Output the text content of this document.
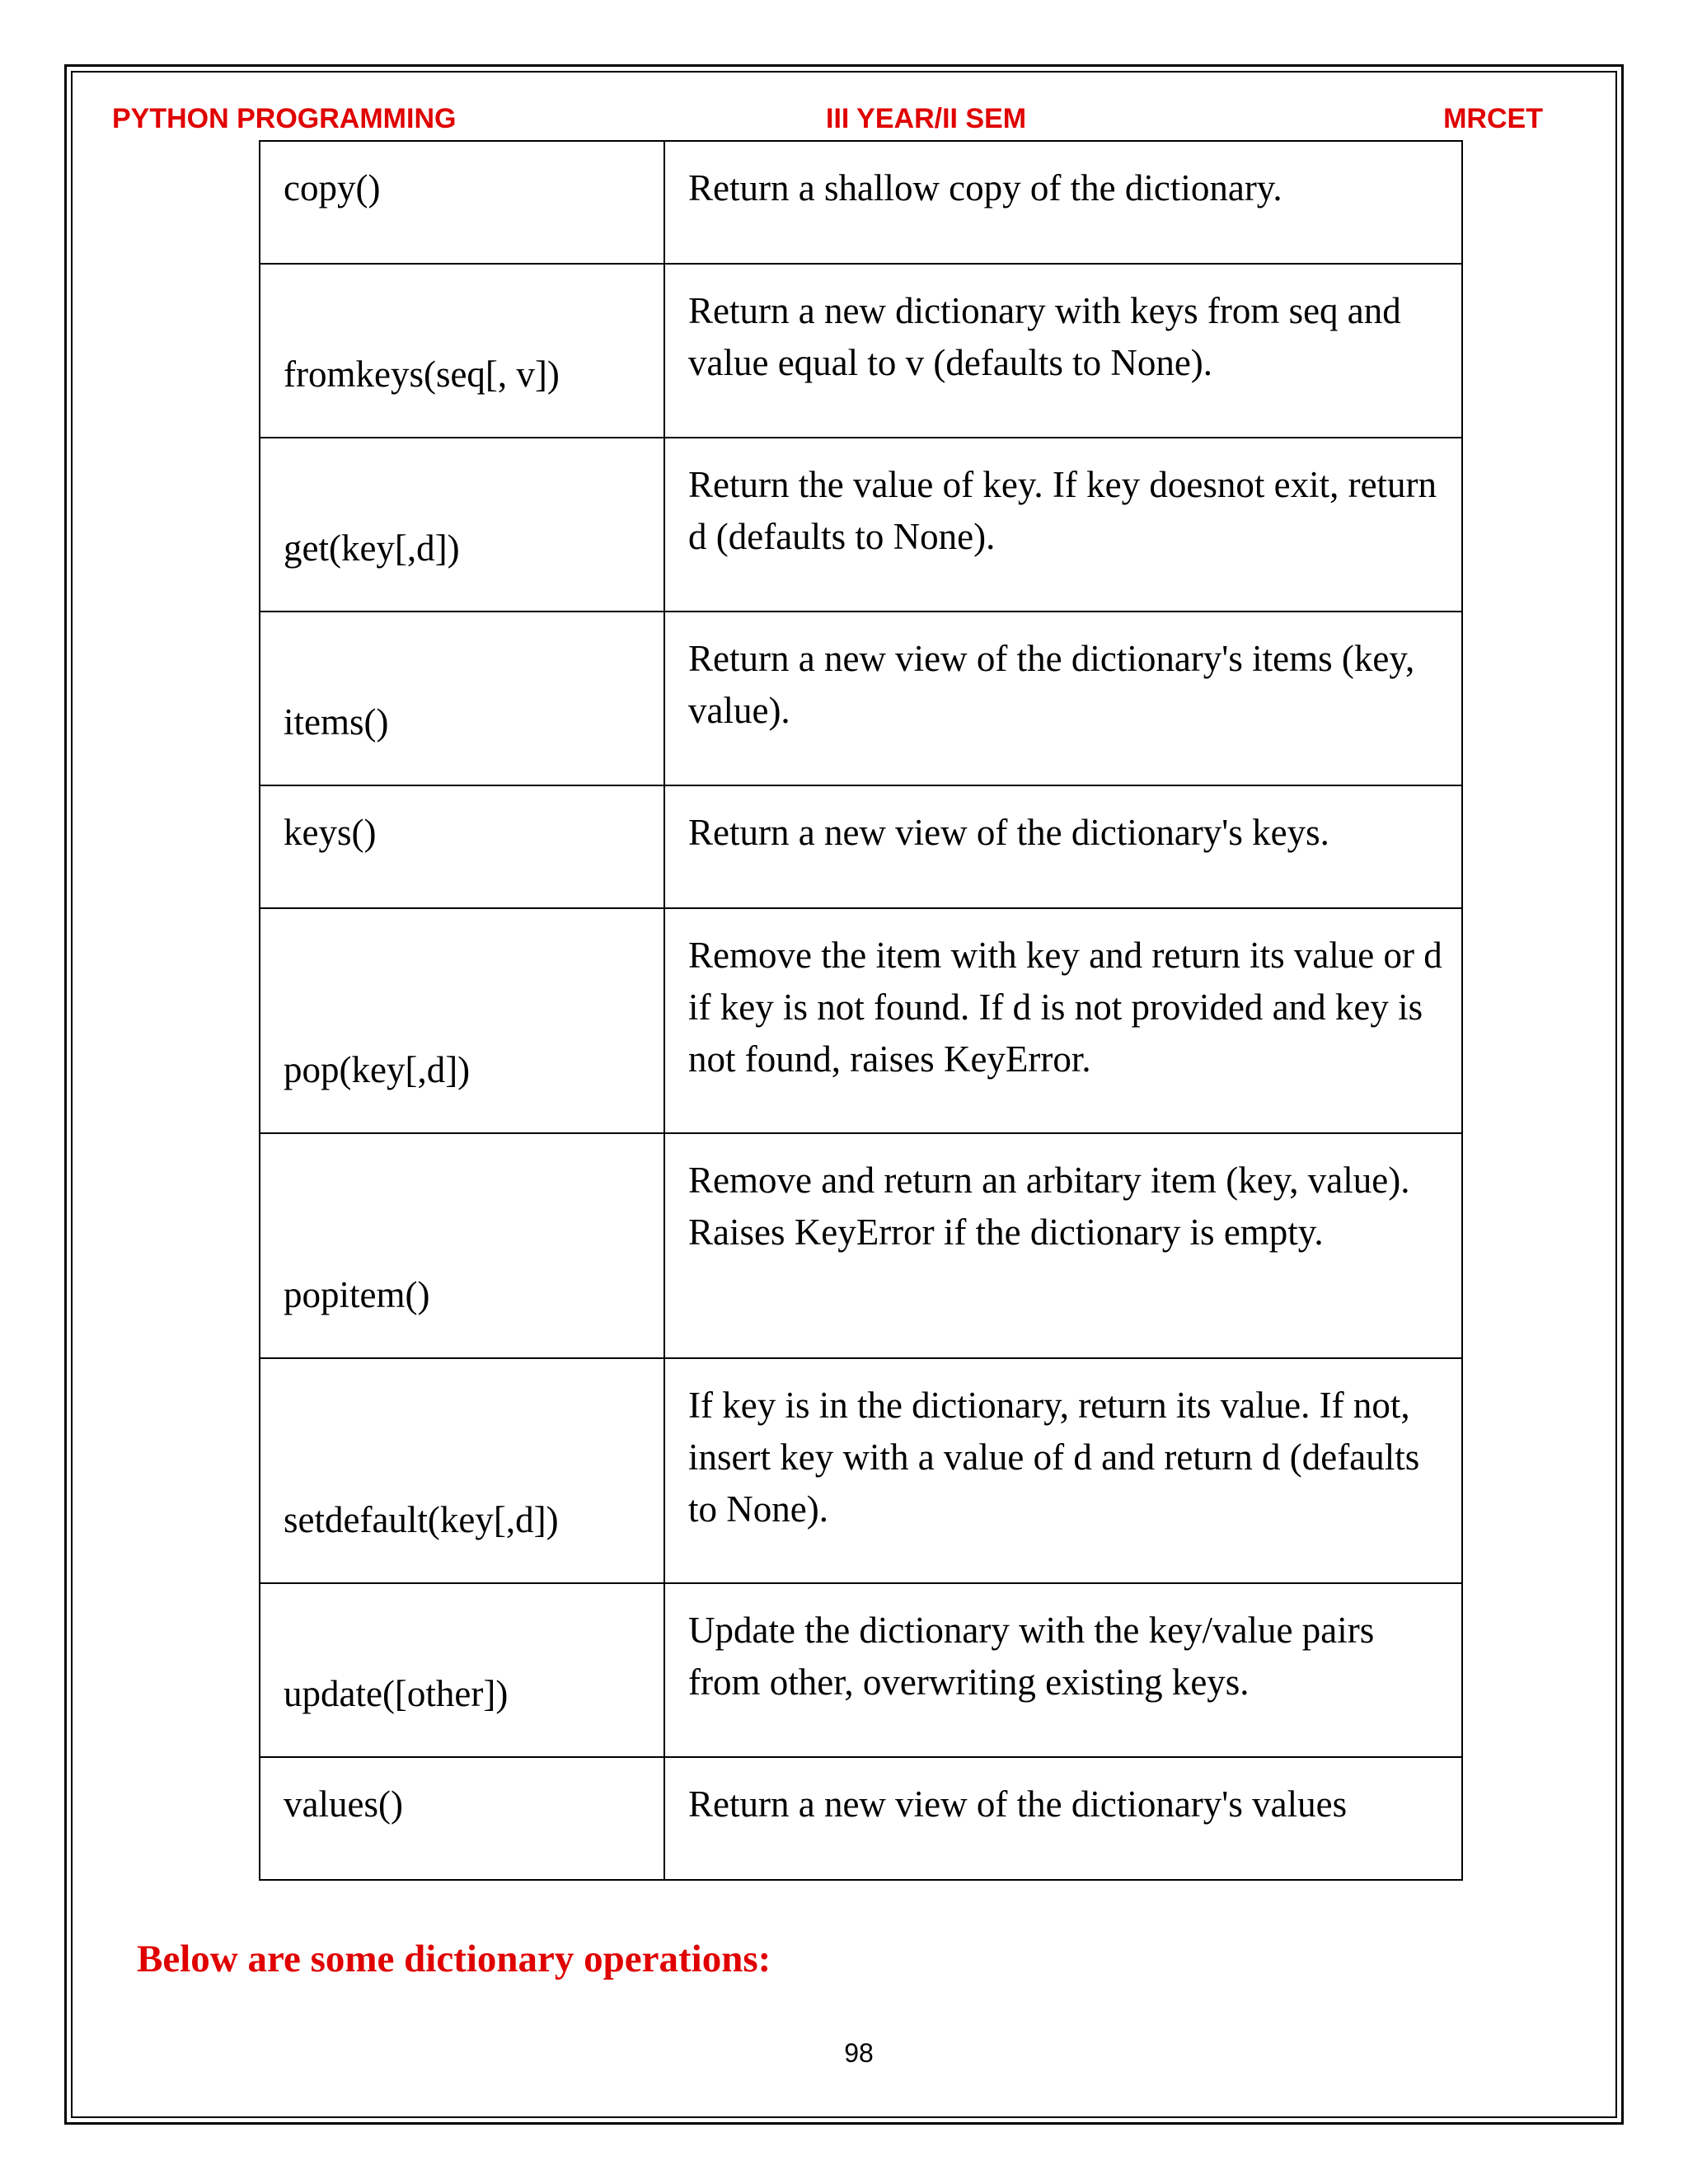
PYTHON PROGRAMMING	III YEAR/II SEM	MRCET
copy()	Return a shallow copy of the dictionary.
fromkeys(seq[, v])	Return a new dictionary with keys from seq and value equal to v (defaults to None).
get(key[,d])	Return the value of key. If key doesnot exit, return d (defaults to None).
items()	Return a new view of the dictionary's items (key, value).
keys()	Return a new view of the dictionary's keys.
pop(key[,d])	Remove the item with key and return its value or d if key is not found. If d is not provided and key is not found, raises KeyError.
popitem()	Remove and return an arbitary item (key, value). Raises KeyError if the dictionary is empty.
setdefault(key[,d])	If key is in the dictionary, return its value. If not, insert key with a value of d and return d (defaults to None).
update([other])	Update the dictionary with the key/value pairs from other, overwriting existing keys.
values()	Return a new view of the dictionary's values
Below are some dictionary operations:
98
